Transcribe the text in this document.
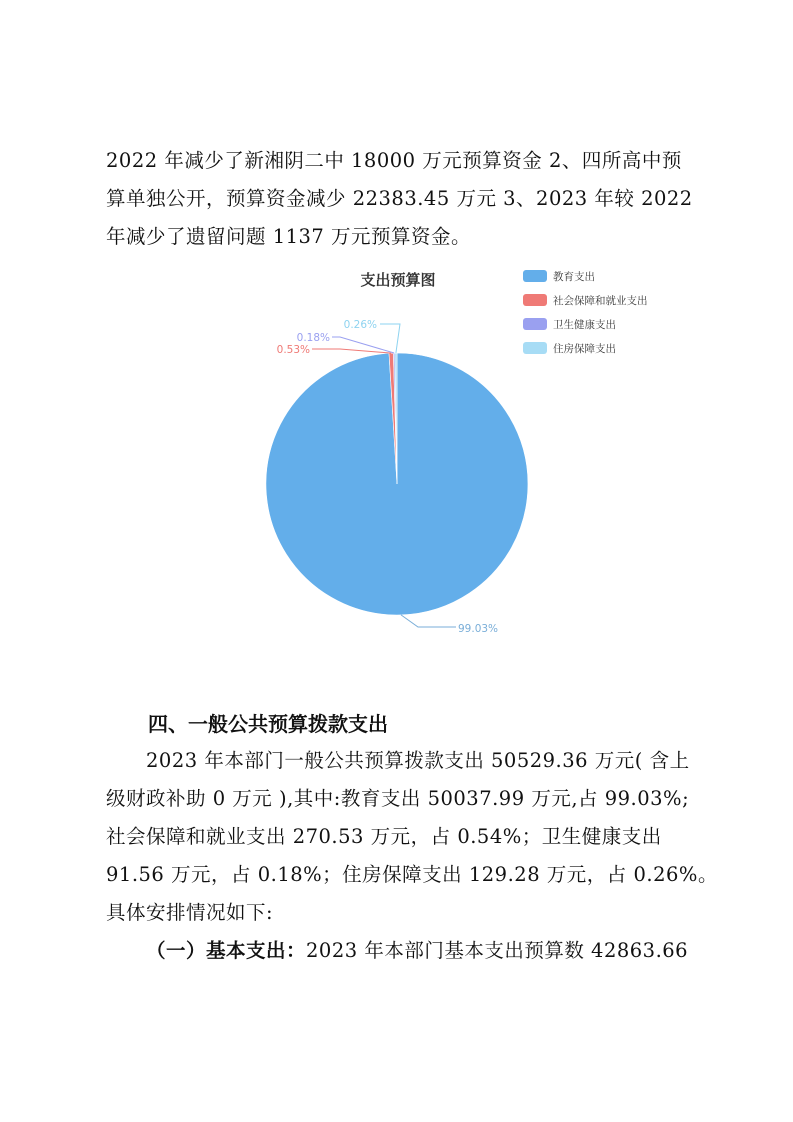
2022 年减少了新湘阴二中 18000 万元预算资金 2、四所高中预
算单独公开，预算资金减少 22383.45 万元 3、2023 年较 2022
年减少了遗留问题 1137 万元预算资金。
支出预算图
99.03%
0.53%
0.18%
0.26%
教育支出
社会保障和就业支出
卫生健康支出
住房保障支出
四、一般公共预算拨款支出
2023 年本部门一般公共预算拨款支出 50529.36 万元( 含上
级财政补助 0 万元 ),其中:教育支出 50037.99 万元,占 99.03%;
社会保障和就业支出 270.53 万元，占 0.54%；卫生健康支出
91.56 万元，占 0.18%；住房保障支出 129.28 万元，占 0.26%。
具体安排情况如下:
（一）基本支出：2023 年本部门基本支出预算数 42863.66
